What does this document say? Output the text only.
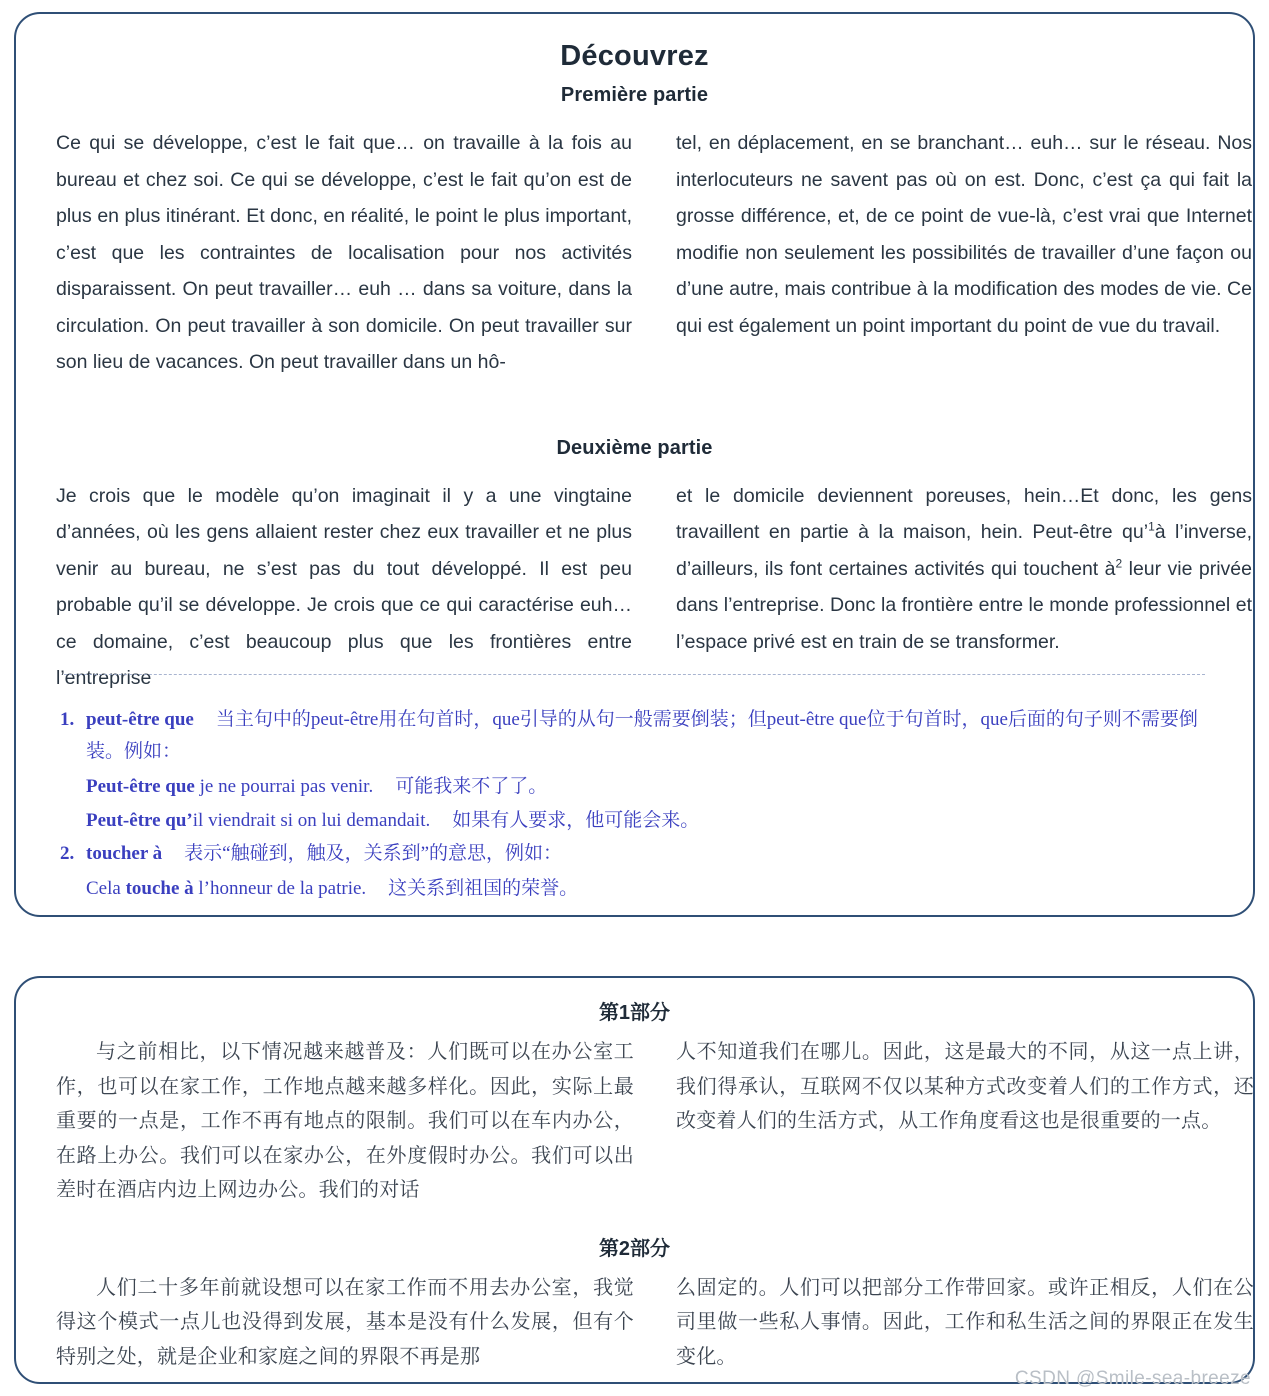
Découvrez
Première partie

Ce qui se développe, c’est le fait que… on travaille à la fois au bureau et chez soi. Ce qui se développe, c’est le fait qu’on est de plus en plus itinérant. Et donc, en réalité, le point le plus important, c’est que les contraintes de localisation pour nos activités disparaissent. On peut travailler… euh … dans sa voiture, dans la circulation. On peut travailler à son domicile. On peut travailler sur son lieu de vacances. On peut travailler dans un hô-

tel, en déplacement, en se branchant… euh… sur le réseau. Nos interlocuteurs ne savent pas où on est. Donc, c’est ça qui fait la grosse différence, et, de ce point de vue-là, c’est vrai que Internet modifie non seulement les possibilités de travailler d’une façon ou d’une autre, mais contribue à la modification des modes de vie. Ce qui est également un point important du point de vue du travail.

Deuxième partie

Je crois que le modèle qu’on imaginait il y a une vingtaine d’années, où les gens allaient rester chez eux travailler et ne plus venir au bureau, ne s’est pas du tout développé. Il est peu probable qu’il se développe. Je crois que ce qui caractérise euh… ce domaine, c’est beaucoup plus que les frontières entre l’entreprise

et le domicile deviennent poreuses, hein…Et donc, les gens travaillent en partie à la maison, hein. Peut-être qu’$^1$à l’inverse, d’ailleurs, ils font certaines activités qui touchent $à^2$ leur vie privée dans l’entreprise. Donc la frontière entre le monde professionnel et l’espace privé est en train de se transformer.

1. peut-être que 当主句中的peut-être用在句首时，que引导的从句一般需要倒装；但peut-être que位于句首时，que后面的句子则不需要倒装。例如：
Peut-être que je ne pourrai pas venir. 可能我来不了了。
Peut-être qu’il viendrait si on lui demandait. 如果有人要求，他可能会来。
2. toucher à 表示“触碰到，触及，关系到”的意思，例如：
Cela touche à l’honneur de la patrie. 这关系到祖国的荣誉。
第1部分

与之前相比，以下情况越来越普及：人们既可以在办公室工作，也可以在家工作，工作地点越来越多样化。因此，实际上最重要的一点是，工作不再有地点的限制。我们可以在车内办公，在路上办公。我们可以在家办公，在外度假时办公。我们可以出差时在酒店内边上网边办公。我们的对话

人不知道我们在哪儿。因此，这是最大的不同，从这一点上讲，我们得承认，互联网不仅以某种方式改变着人们的工作方式，还改变着人们的生活方式，从工作角度看这也是很重要的一点。

第2部分

人们二十多年前就设想可以在家工作而不用去办公室，我觉得这个模式一点儿也没得到发展，基本是没有什么发展，但有个特别之处，就是企业和家庭之间的界限不再是那

么固定的。人们可以把部分工作带回家。或许正相反，人们在公司里做一些私人事情。因此，工作和私生活之间的界限正在发生变化。

CSDN @Smile-sea-breeze
